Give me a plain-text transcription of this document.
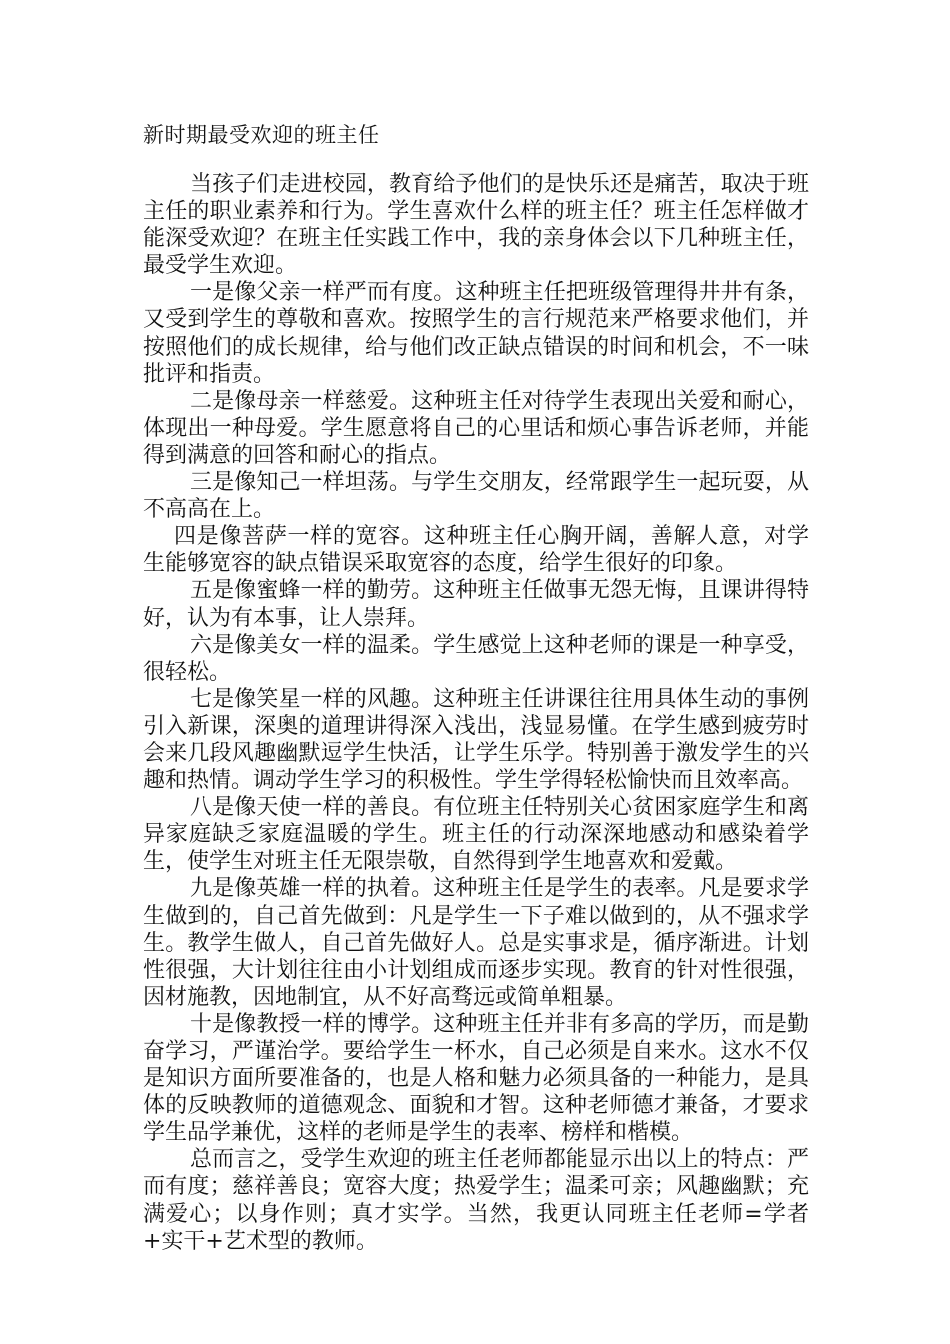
新时期最受欢迎的班主任

当孩子们走进校园，教育给予他们的是快乐还是痛苦，取决于班主任的职业素养和行为。学生喜欢什么样的班主任？班主任怎样做才能深受欢迎？在班主任实践工作中，我的亲身体会以下几种班主任，最受学生欢迎。

一是像父亲一样严而有度。这种班主任把班级管理得井井有条，又受到学生的尊敬和喜欢。按照学生的言行规范来严格要求他们，并按照他们的成长规律，给与他们改正缺点错误的时间和机会，不一味批评和指责。

二是像母亲一样慈爱。这种班主任对待学生表现出关爱和耐心，体现出一种母爱。学生愿意将自己的心里话和烦心事告诉老师，并能得到满意的回答和耐心的指点。

三是像知己一样坦荡。与学生交朋友，经常跟学生一起玩耍，从不高高在上。

四是像菩萨一样的宽容。这种班主任心胸开阔，善解人意，对学生能够宽容的缺点错误采取宽容的态度，给学生很好的印象。

五是像蜜蜂一样的勤劳。这种班主任做事无怨无悔，且课讲得特好，认为有本事，让人崇拜。

六是像美女一样的温柔。学生感觉上这种老师的课是一种享受，很轻松。

七是像笑星一样的风趣。这种班主任讲课往往用具体生动的事例引入新课，深奥的道理讲得深入浅出，浅显易懂。在学生感到疲劳时会来几段风趣幽默逗学生快活，让学生乐学。特别善于激发学生的兴趣和热情。调动学生学习的积极性。学生学得轻松愉快而且效率高。

八是像天使一样的善良。有位班主任特别关心贫困家庭学生和离异家庭缺乏家庭温暖的学生。班主任的行动深深地感动和感染着学生，使学生对班主任无限崇敬，自然得到学生地喜欢和爱戴。

九是像英雄一样的执着。这种班主任是学生的表率。凡是要求学生做到的，自己首先做到：凡是学生一下子难以做到的，从不强求学生。教学生做人，自己首先做好人。总是实事求是，循序渐进。计划性很强，大计划往往由小计划组成而逐步实现。教育的针对性很强，因材施教，因地制宜，从不好高骛远或简单粗暴。

十是像教授一样的博学。这种班主任并非有多高的学历，而是勤奋学习，严谨治学。要给学生一杯水，自己必须是自来水。这水不仅是知识方面所要准备的，也是人格和魅力必须具备的一种能力，是具体的反映教师的道德观念、面貌和才智。这种老师德才兼备，才要求学生品学兼优，这样的老师是学生的表率、榜样和楷模。

总而言之，受学生欢迎的班主任老师都能显示出以上的特点：严而有度；慈祥善良；宽容大度；热爱学生；温柔可亲；风趣幽默；充满爱心；以身作则；真才实学。当然，我更认同班主任老师=学者+实干+艺术型的教师。
